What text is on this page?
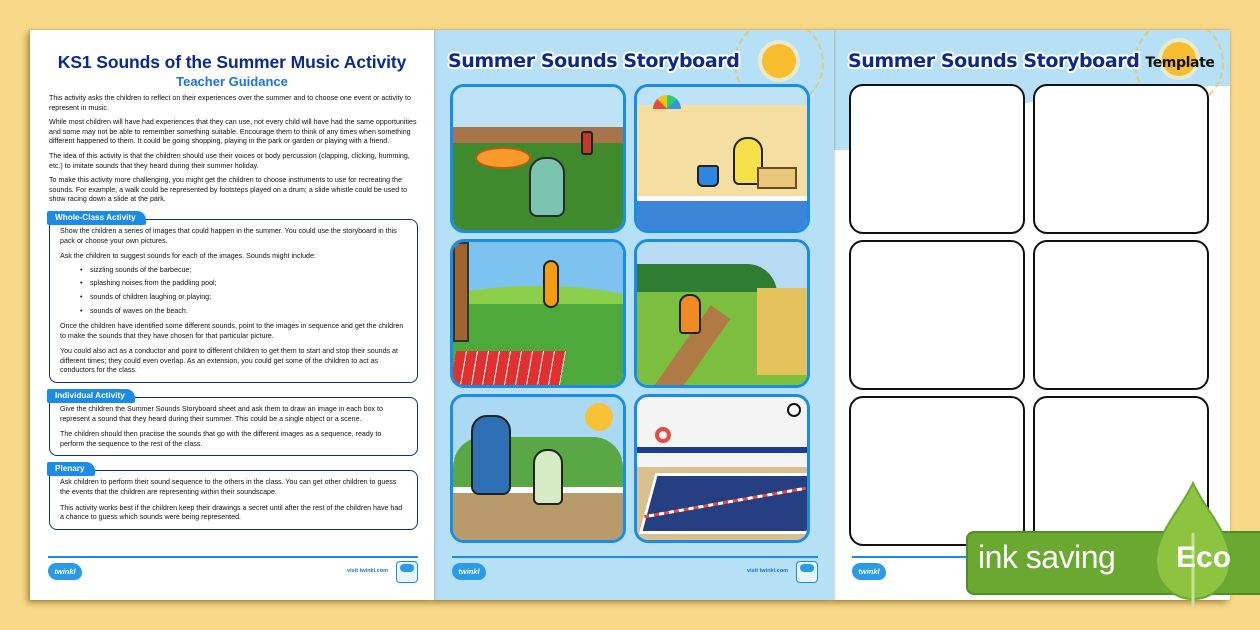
KS1 Sounds of the Summer Music Activity
Teacher Guidance

This activity asks the children to reflect on their experiences over the summer and to choose one event or activity to represent in music.

While most children will have had experiences that they can use, not every child will have had the same opportunities and some may not be able to remember something suitable. Encourage them to think of any times when something different happened to them. It could be going shopping, playing in the park or garden or playing with a friend.

The idea of this activity is that the children should use their voices or body percussion (clapping, clicking, humming, etc.) to imitate sounds that they heard during their summer holiday.

To make this activity more challenging, you might get the children to choose instruments to use for recreating the sounds. For example, a walk could be represented by footsteps played on a drum; a slide whistle could be used to show racing down a slide at the park.

Whole-Class Activity

Show the children a series of images that could happen in the summer. You could use the storyboard in this pack or choose your own pictures.

Ask the children to suggest sounds for each of the images. Sounds might include:

• sizzling sounds of the barbecue;
• splashing noises from the paddling pool;
• sounds of children laughing or playing;
• sounds of waves on the beach.

Once the children have identified some different sounds, point to the images in sequence and get the children to make the sounds that they have chosen for that particular picture.

You could also act as a conductor and point to different children to get them to start and stop their sounds at different times; they could even overlap. As an extension, you could get some of the children to act as conductors for the class.

Individual Activity

Give the children the Summer Sounds Storyboard sheet and ask them to draw an image in each box to represent a sound that they heard during their summer. This could be a single object or a scene.

The children should then practise the sounds that go with the different images as a sequence, ready to perform the sequence to the rest of the class.

Plenary

Ask children to perform their sound sequence to the others in the class. You can get other children to guess the events that the children are representing within their soundscape.

This activity works best if the children keep their drawings a secret until after the rest of the children have had a chance to guess which sounds were being represented.

twinkl	visit twinkl.com
Summer Sounds Storyboard
twinkl	visit twinkl.com
Summer Sounds Storyboard Template
twinkl	ink saving Eco
